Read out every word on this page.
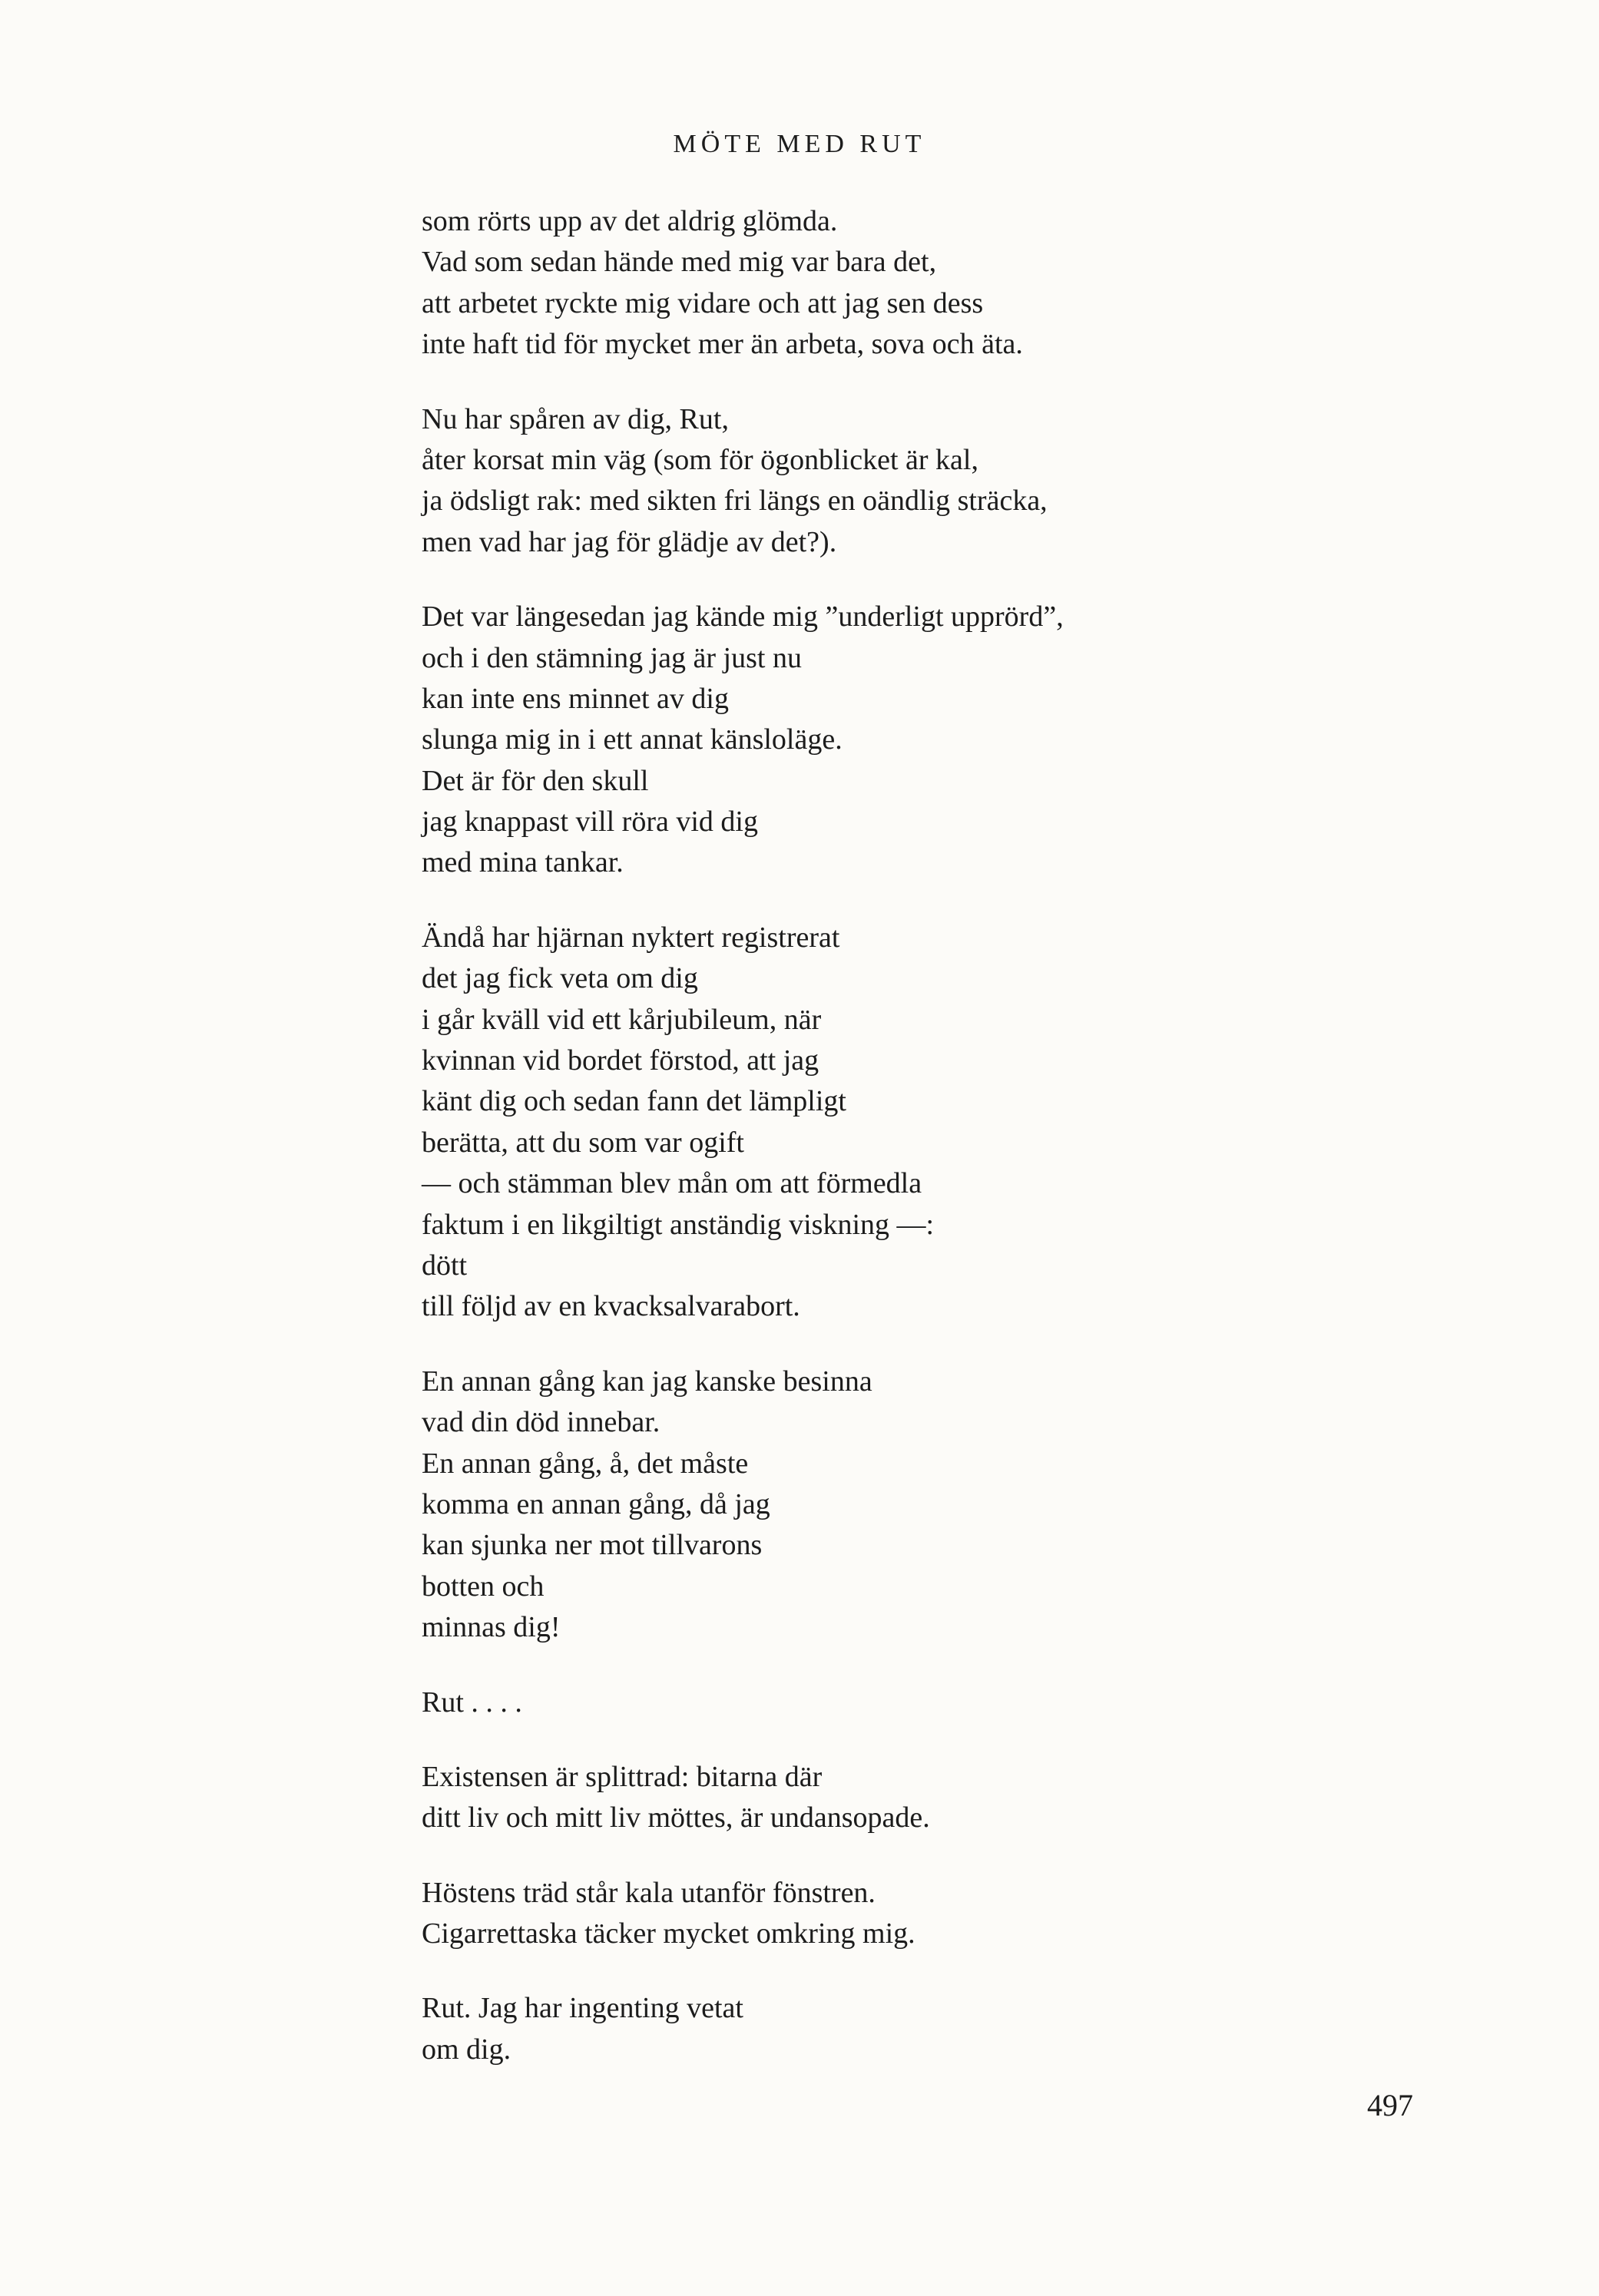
MÖTE MED RUT
som rörts upp av det aldrig glömda.
Vad som sedan hände med mig var bara det,
att arbetet ryckte mig vidare och att jag sen dess
inte haft tid för mycket mer än arbeta, sova och äta.
Nu har spåren av dig, Rut,
åter korsat min väg (som för ögonblicket är kal,
ja ödsligt rak: med sikten fri längs en oändlig sträcka,
men vad har jag för glädje av det?).
Det var längesedan jag kände mig ”underligt upprörd”,
och i den stämning jag är just nu
kan inte ens minnet av dig
slunga mig in i ett annat känsloläge.
Det är för den skull
jag knappast vill röra vid dig
med mina tankar.
Ändå har hjärnan nyktert registrerat
det jag fick veta om dig
i går kväll vid ett kårjubileum, när
kvinnan vid bordet förstod, att jag
känt dig och sedan fann det lämpligt
berätta, att du som var ogift
— och stämman blev mån om att förmedla
faktum i en likgiltigt anständig viskning —:
dött
till följd av en kvacksalvarabort.
En annan gång kan jag kanske besinna
vad din död innebar.
En annan gång, å, det måste
komma en annan gång, då jag
kan sjunka ner mot tillvarons
botten och
minnas dig!
Rut . . . .
Existensen är splittrad: bitarna där
ditt liv och mitt liv möttes, är undansopade.
Höstens träd står kala utanför fönstren.
Cigarrettaska täcker mycket omkring mig.
Rut. Jag har ingenting vetat
om dig.
497
